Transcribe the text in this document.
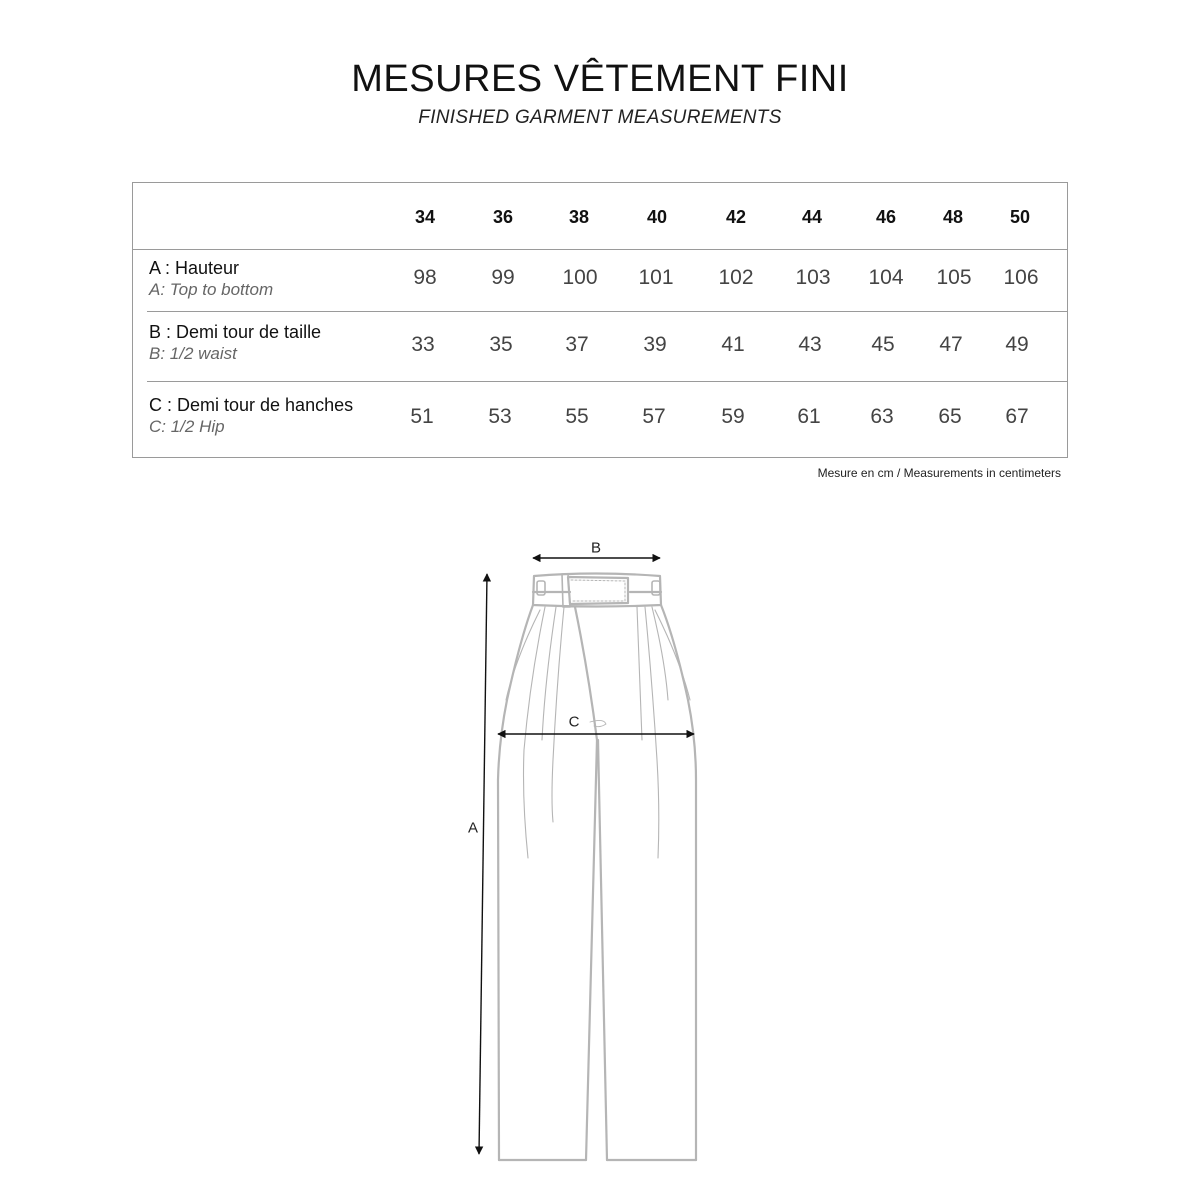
MESURES VÊTEMENT FINI
FINISHED GARMENT MEASUREMENTS
34	36	38	40	42	44	46	48	50
A : Hauteur
A: Top to bottom
98	99 100 101 102 103 104 105 106
B : Demi tour de taille
B: 1/2 waist	33	35	37	39	41	43 45 47 49
C : Demi tour de hanches
C: 1/2 Hip	51	53	55	57	59	61 63 65 67
Mesure en cm / Measurements in centimeters
B
C
A
